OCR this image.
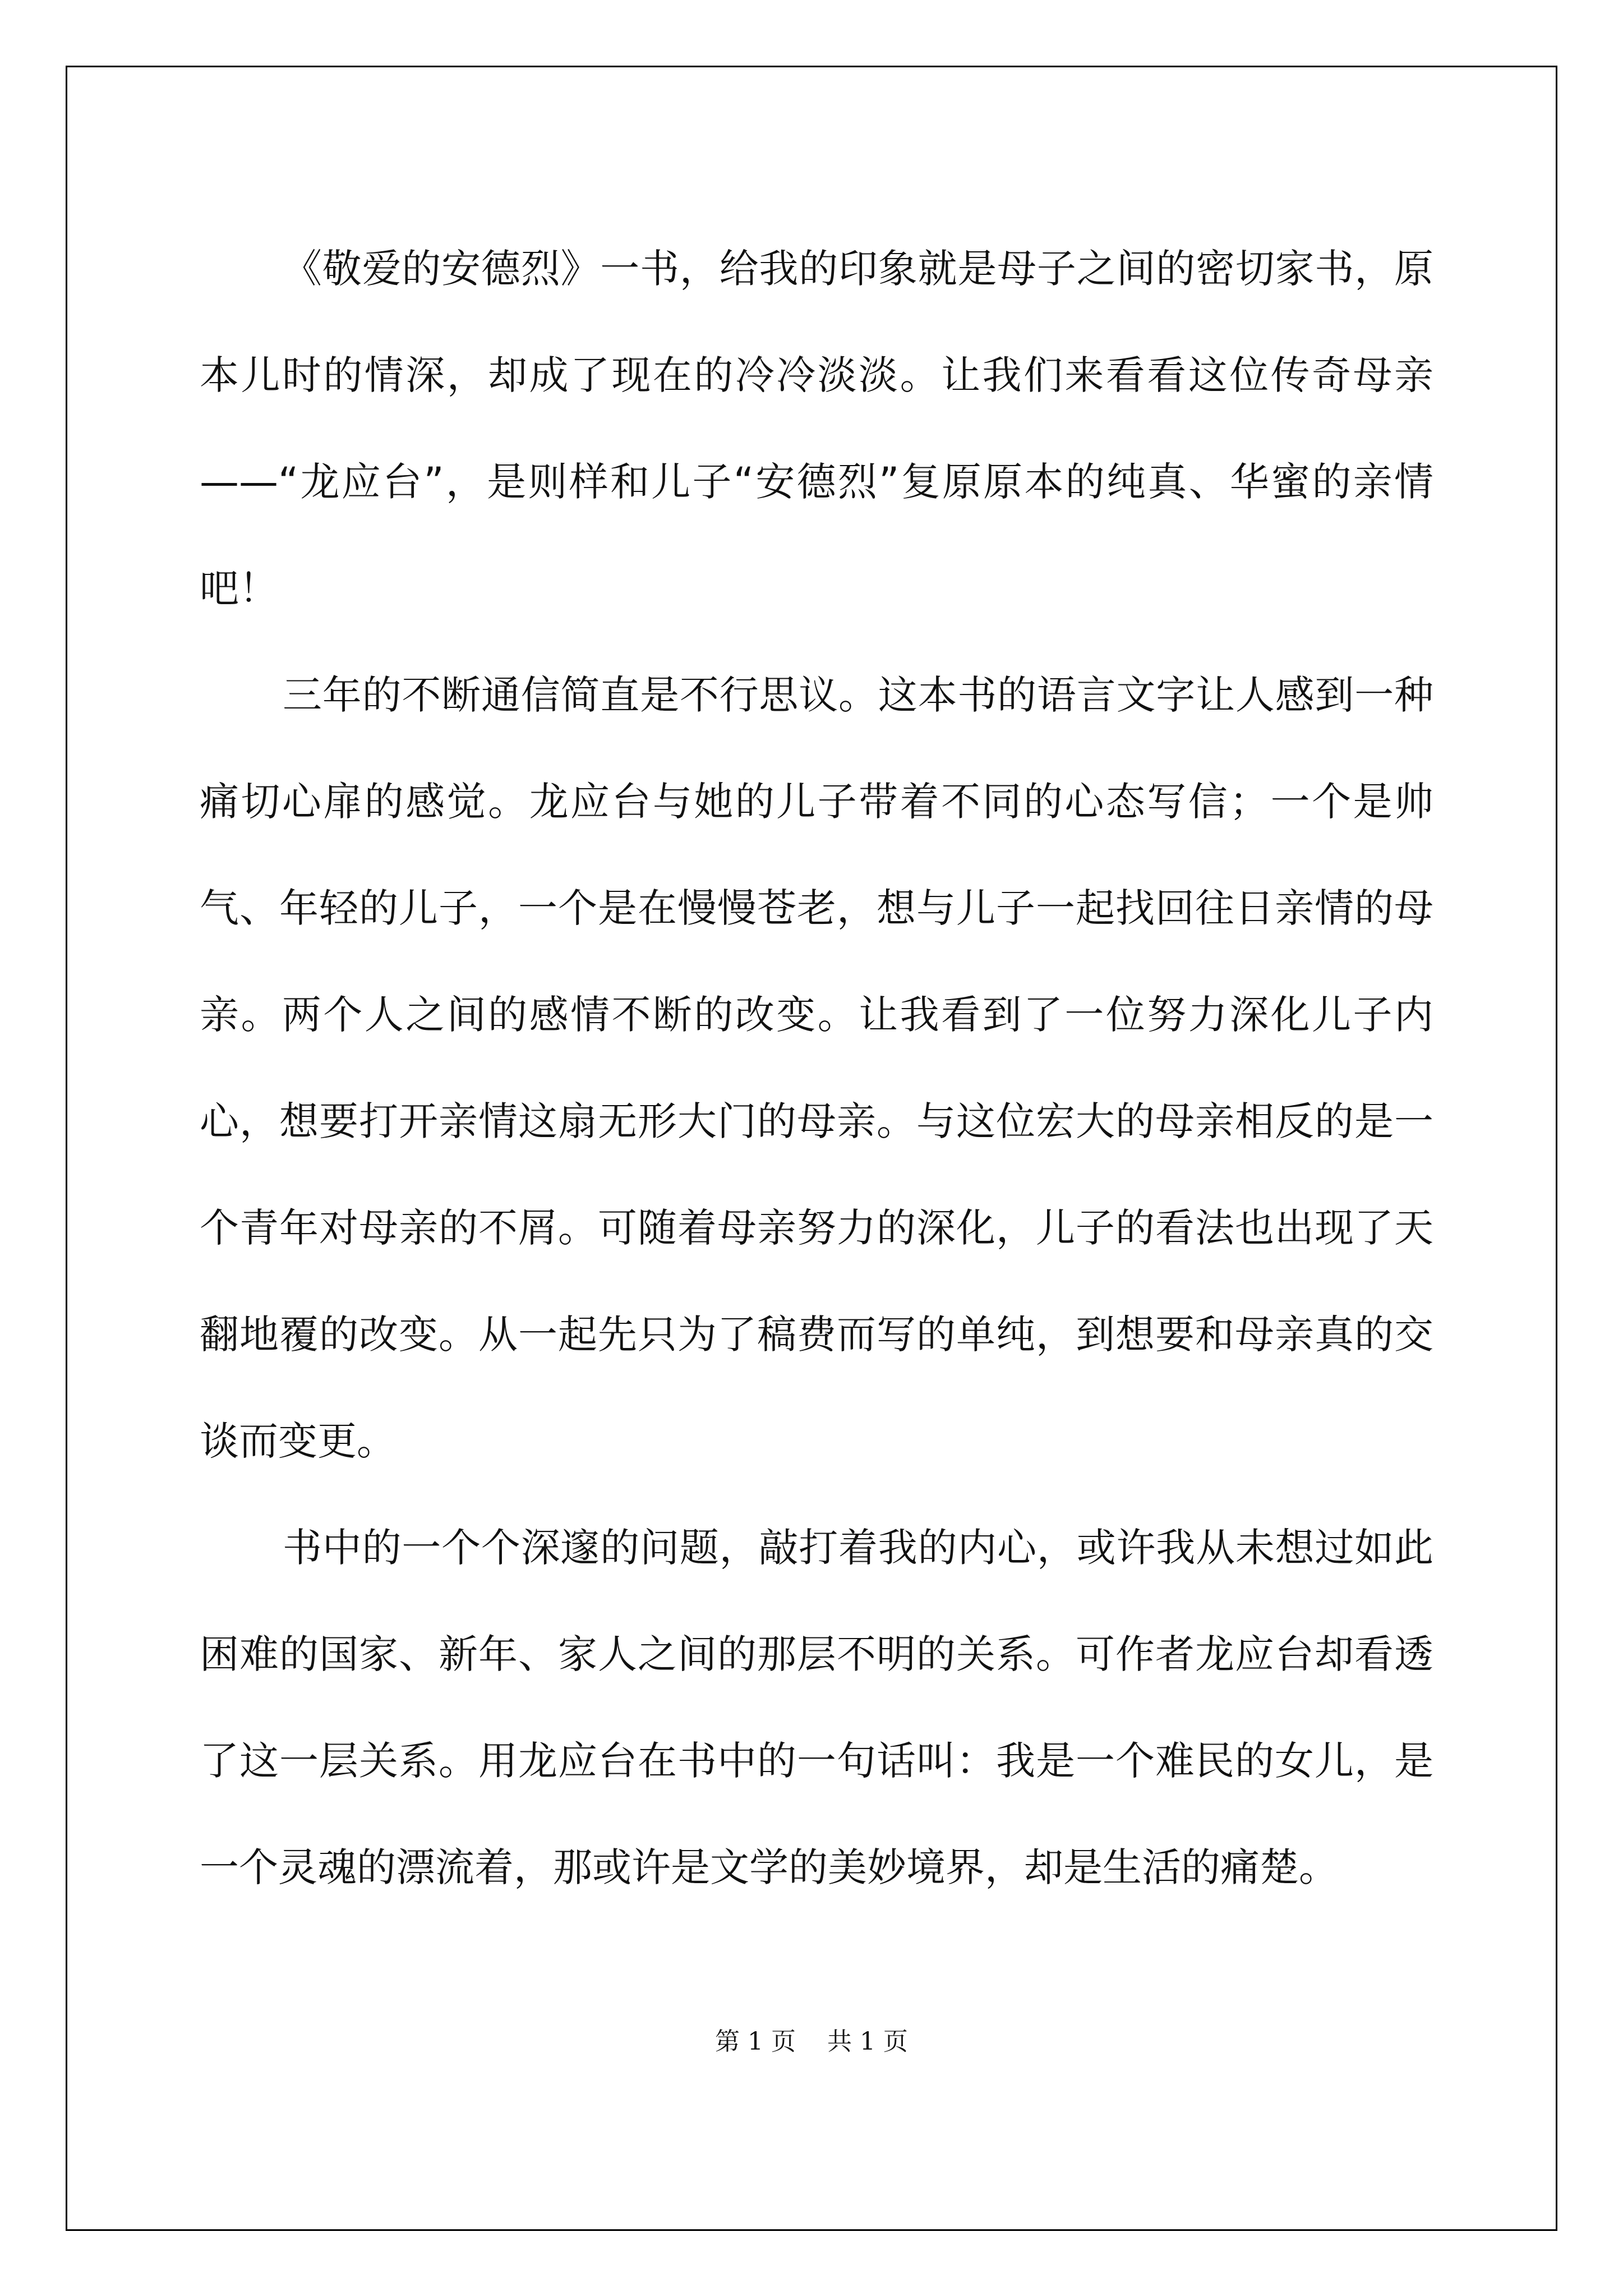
《敬爱的安德烈》一书，给我的印象就是母子之间的密切家书，原本儿时的情深，却成了现在的冷冷淡淡。让我们来看看这位传奇母亲——“龙应台”，是则样和儿子“安德烈”复原原本的纯真、华蜜的亲情吧！

三年的不断通信简直是不行思议。这本书的语言文字让人感到一种痛切心扉的感觉。龙应台与她的儿子带着不同的心态写信；一个是帅气、年轻的儿子，一个是在慢慢苍老，想与儿子一起找回往日亲情的母亲。两个人之间的感情不断的改变。让我看到了一位努力深化儿子内心，想要打开亲情这扇无形大门的母亲。与这位宏大的母亲相反的是一个青年对母亲的不屑。可随着母亲努力的深化，儿子的看法也出现了天翻地覆的改变。从一起先只为了稿费而写的单纯，到想要和母亲真的交谈而变更。

书中的一个个深邃的问题，敲打着我的内心，或许我从未想过如此困难的国家、新年、家人之间的那层不明的关系。可作者龙应台却看透了这一层关系。用龙应台在书中的一句话叫：我是一个难民的女儿，是一个灵魂的漂流着，那或许是文学的美妙境界，却是生活的痛楚。

第 1 页    共 1 页
